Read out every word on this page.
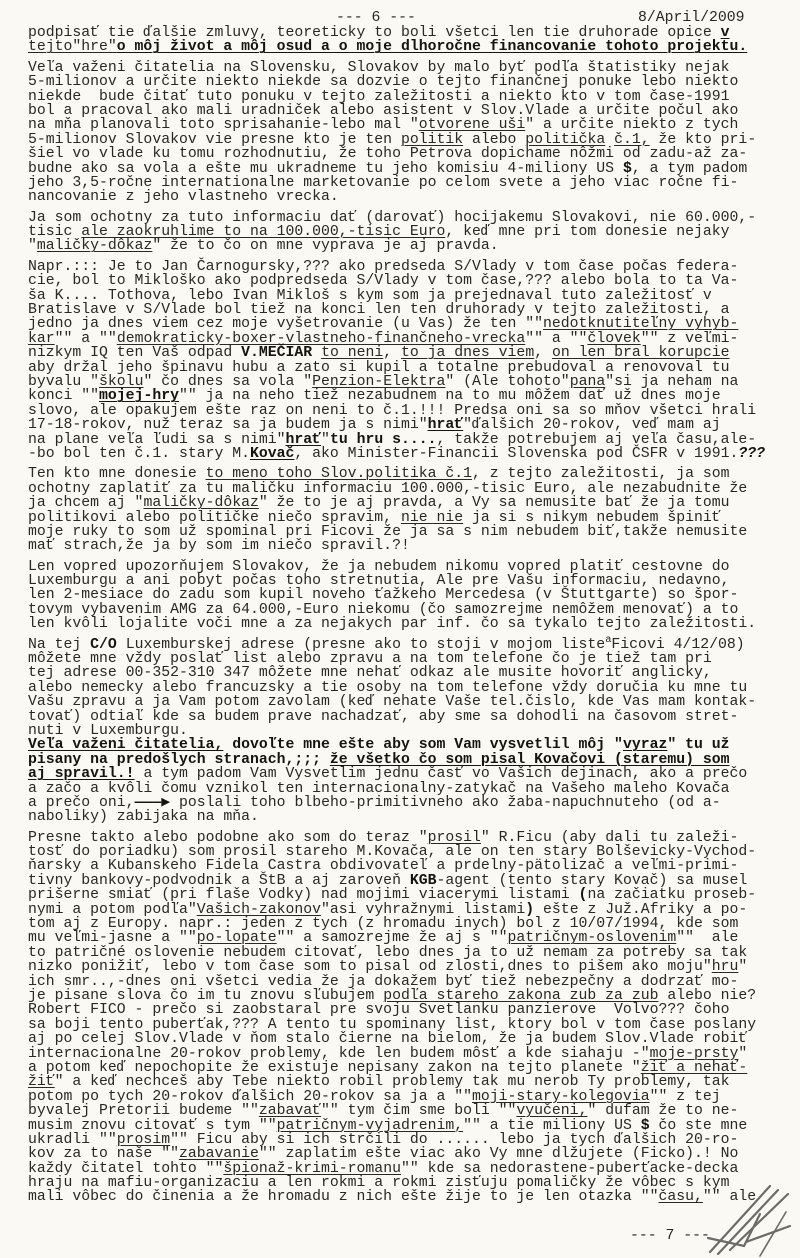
--- 6 ---	8/April/2009
podpisať tie ďalšie zmluvy, teoreticky to boli všetci len tie druhorade opice v
tejto"hre"o môj život a môj osud a o moje dlhoročne financovanie tohoto projektu.
Veľa važeni čitatelia na Slovensku, Slovakov by malo byť podľa štatistiky nejak
5-milionov a určite niekto niekde sa dozvie o tejto finančnej ponuke lebo niekto
niekde  bude čitať tuto ponuku v tejto zaležitosti a niekto kto v tom čase-1991
bol a pracoval ako mali uradniček alebo asistent v Slov.Vlade a určite počul ako
na mňa planovali toto sprisahanie-lebo mal "otvorene uši" a určite niekto z tych
5-milionov Slovakov vie presne kto je ten politik alebo politička č.1, že kto pri-
šiel vo vlade ku tomu rozhodnutiu, že toho Petrova dopichame nôžmi od zadu-až za-
budne ako sa vola a ešte mu ukradneme tu jeho komisiu 4-miliony US $, a tym padom
jeho 3,5-ročne internationalne marketovanie po celom svete a jeho viac ročne fi-
nancovanie z jeho vlastneho vrecka.
Ja som ochotny za tuto informaciu dať (darovať) hocijakemu Slovakovi, nie 60.000,-
tisic ale zaokruhlime to na 100.000,-tisic Euro, keď mne pri tom donesie nejaky
"maličky-dôkaz" že to čo on mne vyprava je aj pravda.
Napr.::: Je to Jan Čarnogursky,??? ako predseda S/Vlady v tom čase počas federa-
cie, bol to Mikloško ako podpredseda S/Vlady v tom čase,??? alebo bola to ta Va-
ša K.... Tothova, lebo Ivan Mikloš s kym som ja prejednaval tuto zaležitosť v
Bratislave v S/Vlade bol tiež na konci len ten druhorady v tejto zaležitosti, a
jedno ja dnes viem cez moje vyšetrovanie (u Vas) že ten ""nedotknutiteľny vyhyb-
kar"" a ""demokraticky-boxer-vlastneho-finančneho-vrecka"" a ""človek"" z veľmi-
nizkym IQ ten Vaš odpad V.MEČIAR to neni, to ja dnes viem, on len bral korupcie
aby držal jeho špinavu hubu a zato si kupil a totalne prebudoval a renovoval tu
byvalu "školu" čo dnes sa vola "Penzion-Elektra" (Ale tohoto"pana"si ja neham na
konci ""mojej-hry"" ja na neho tiež nezabudnem na to mu môžem dať už dnes moje
slovo, ale opakujem ešte raz on neni to č.1.!!! Predsa oni sa so mňov všetci hrali
17-18-rokov, nuž teraz sa ja budem ja s nimi"hrať"ďalšich 20-rokov, veď mam aj
na plane veľa ľudi sa s nimi"hrať"tu hru s...., takže potrebujem aj veľa času,ale-
-bo bol ten č.1. stary M.Kovač, ako Minister-Financii Slovenska pod ČSFR v 1991.???
Ten kto mne donesie to meno toho Slov.politika č.1, z tejto zaležitosti, ja som
ochotny zaplatiť za tu maličku informaciu 100.000,-tisic Euro, ale nezabudnite že
ja chcem aj "maličky-dôkaz" že to je aj pravda, a Vy sa nemusite bať že ja tomu
politikovi alebo političke niečo spravim, nie nie ja si s nikym nebudem špiniť
moje ruky to som už spominal pri Ficovi že ja sa s nim nebudem biť,takže nemusite
mať strach,že ja by som im niečo spravil.?!
Len vopred upozorňujem Slovakov, že ja nebudem nikomu vopred platiť cestovne do
Luxemburgu a ani pobyt počas toho stretnutia, Ale pre Vašu informaciu, nedavno,
len 2-mesiace do zadu som kupil noveho ťažkeho Mercedesa (v Štuttgarte) so špor-
tovym vybavenim AMG za 64.000,-Euro niekomu (čo samozrejme nemôžem menovať) a to
len kvôli lojalite voči mne a za nejakych par inf. čo sa tykalo tejto zaležitosti.
Na tej C/O Luxemburskej adrese (presne ako to stoji v mojom liste$^a$Ficovi 4/12/08)
môžete mne vždy poslať list alebo zpravu a na tom telefone čo je tiež tam pri
tej adrese 00-352-310 347 môžete mne nehať odkaz ale musite hovoriť anglicky,
alebo nemecky alebo francuzsky a tie osoby na tom telefone vždy doručia ku mne tu
Vašu zpravu a ja Vam potom zavolam (keď nehate Vaše tel.čislo, kde Vas mam kontak-
tovať) odtiaľ kde sa budem prave nachadzať, aby sme sa dohodli na časovom stret-
nuti v Luxemburgu.
Veľa važeni čitatelia, dovoľte mne ešte aby som Vam vysvetlil môj "vyraz" tu už
pisany na predošlych stranach,;;; že všetko čo som pisal Kovačovi (staremu) som
aj spravil.! a tym padom Vam Vysvetlim jednu časť vo Vašich dejinach, ako a prečo
a začo a kvôli čomu vznikol ten internacionalny-zatykač na Vašeho maleho Kovača
a prečo oni,———▶ poslali toho blbeho-primitivneho ako žaba-napuchnuteho (od a-
naboliky) zabijaka na mňa.
Presne takto alebo podobne ako som do teraz "prosil" R.Ficu (aby dali tu zaleži-
tosť do poriadku) som prosil stareho M.Kovača, ale on ten stary Bolševicky-Vychod-
ňarsky a Kubanskeho Fidela Castra obdivovateľ a prdelny-pätolizač a veľmi-primi-
tivny bankovy-podvodnik a ŠtB a aj zaroveň KGB-agent (tento stary Kovač) sa musel
prišerne smiať (pri flaše Vodky) nad mojimi viacerymi listami (na začiatku proseb-
nymi a potom podľa"Vašich-zakonov"asi vyhražnymi listami) ešte z Juž.Afriky a po-
tom aj z Europy. napr.: jeden z tych (z hromadu inych) bol z 10/07/1994, kde som
mu veľmi-jasne a ""po-lopate"" a samozrejme že aj s ""patričnym-oslovenim""  ale
to patričné oslovenie nebudem citovať, lebo dnes ja to už nemam za potreby sa tak
nizko ponižiť, lebo v tom čase som to pisal od zlosti,dnes to pišem ako moju"hru"
ich smr..,-dnes oni všetci vedia že ja dokažem byť tiež nebezpečny a dodrzať mo-
je pisane slova čo im tu znovu sľubujem podľa stareho zakona zub za zub alebo nie?
Robert FICO - prečo si zaobstaral pre svoju Svetlanku panzierove  Volvo??? čoho
sa boji tento puberťak,??? A tento tu spominany list, ktory bol v tom čase poslany
aj po celej Slov.Vlade v ňom stalo čierne na bielom, že ja budem Slov.Vlade robiť
internacionalne 20-rokov problemy, kde len budem môsť a kde siahaju -"moje-prsty"
a potom keď nepochopite že existuje nepisany zakon na tejto planete "žiť a nehať-
žiť" a keď nechceš aby Tebe niekto robil problemy tak mu nerob Ty problemy, tak
potom po tych 20-rokov ďalšich 20-rokov sa ja a ""moji-stary-kolegovia"" z tej
byvalej Pretorii budeme ""zabavať"" tym čim sme boli ""vyučeni," dufam že to ne-
musim znovu citovať s tym ""patričnym-vyjadrenim,"" a tie miliony US $ čo ste mne
ukradli ""prosim"" Ficu aby si ich strčili do ...... lebo ja tych ďalšich 20-ro-
kov za to naše ""zabavanie"" zaplatim ešte viac ako Vy mne dlžujete (Ficko).! No
každy čitatel tohto ""špionaž-krimi-romanu"" kde sa nedorastene-puberťacke-decka
hraju na mafiu-organizaciu a len rokmi a rokmi zisťuju pomaličky že vôbec s kym
mali vôbec do činenia a že hromadu z nich ešte žije to je len otazka ""času,"" ale
--- 7 ---
